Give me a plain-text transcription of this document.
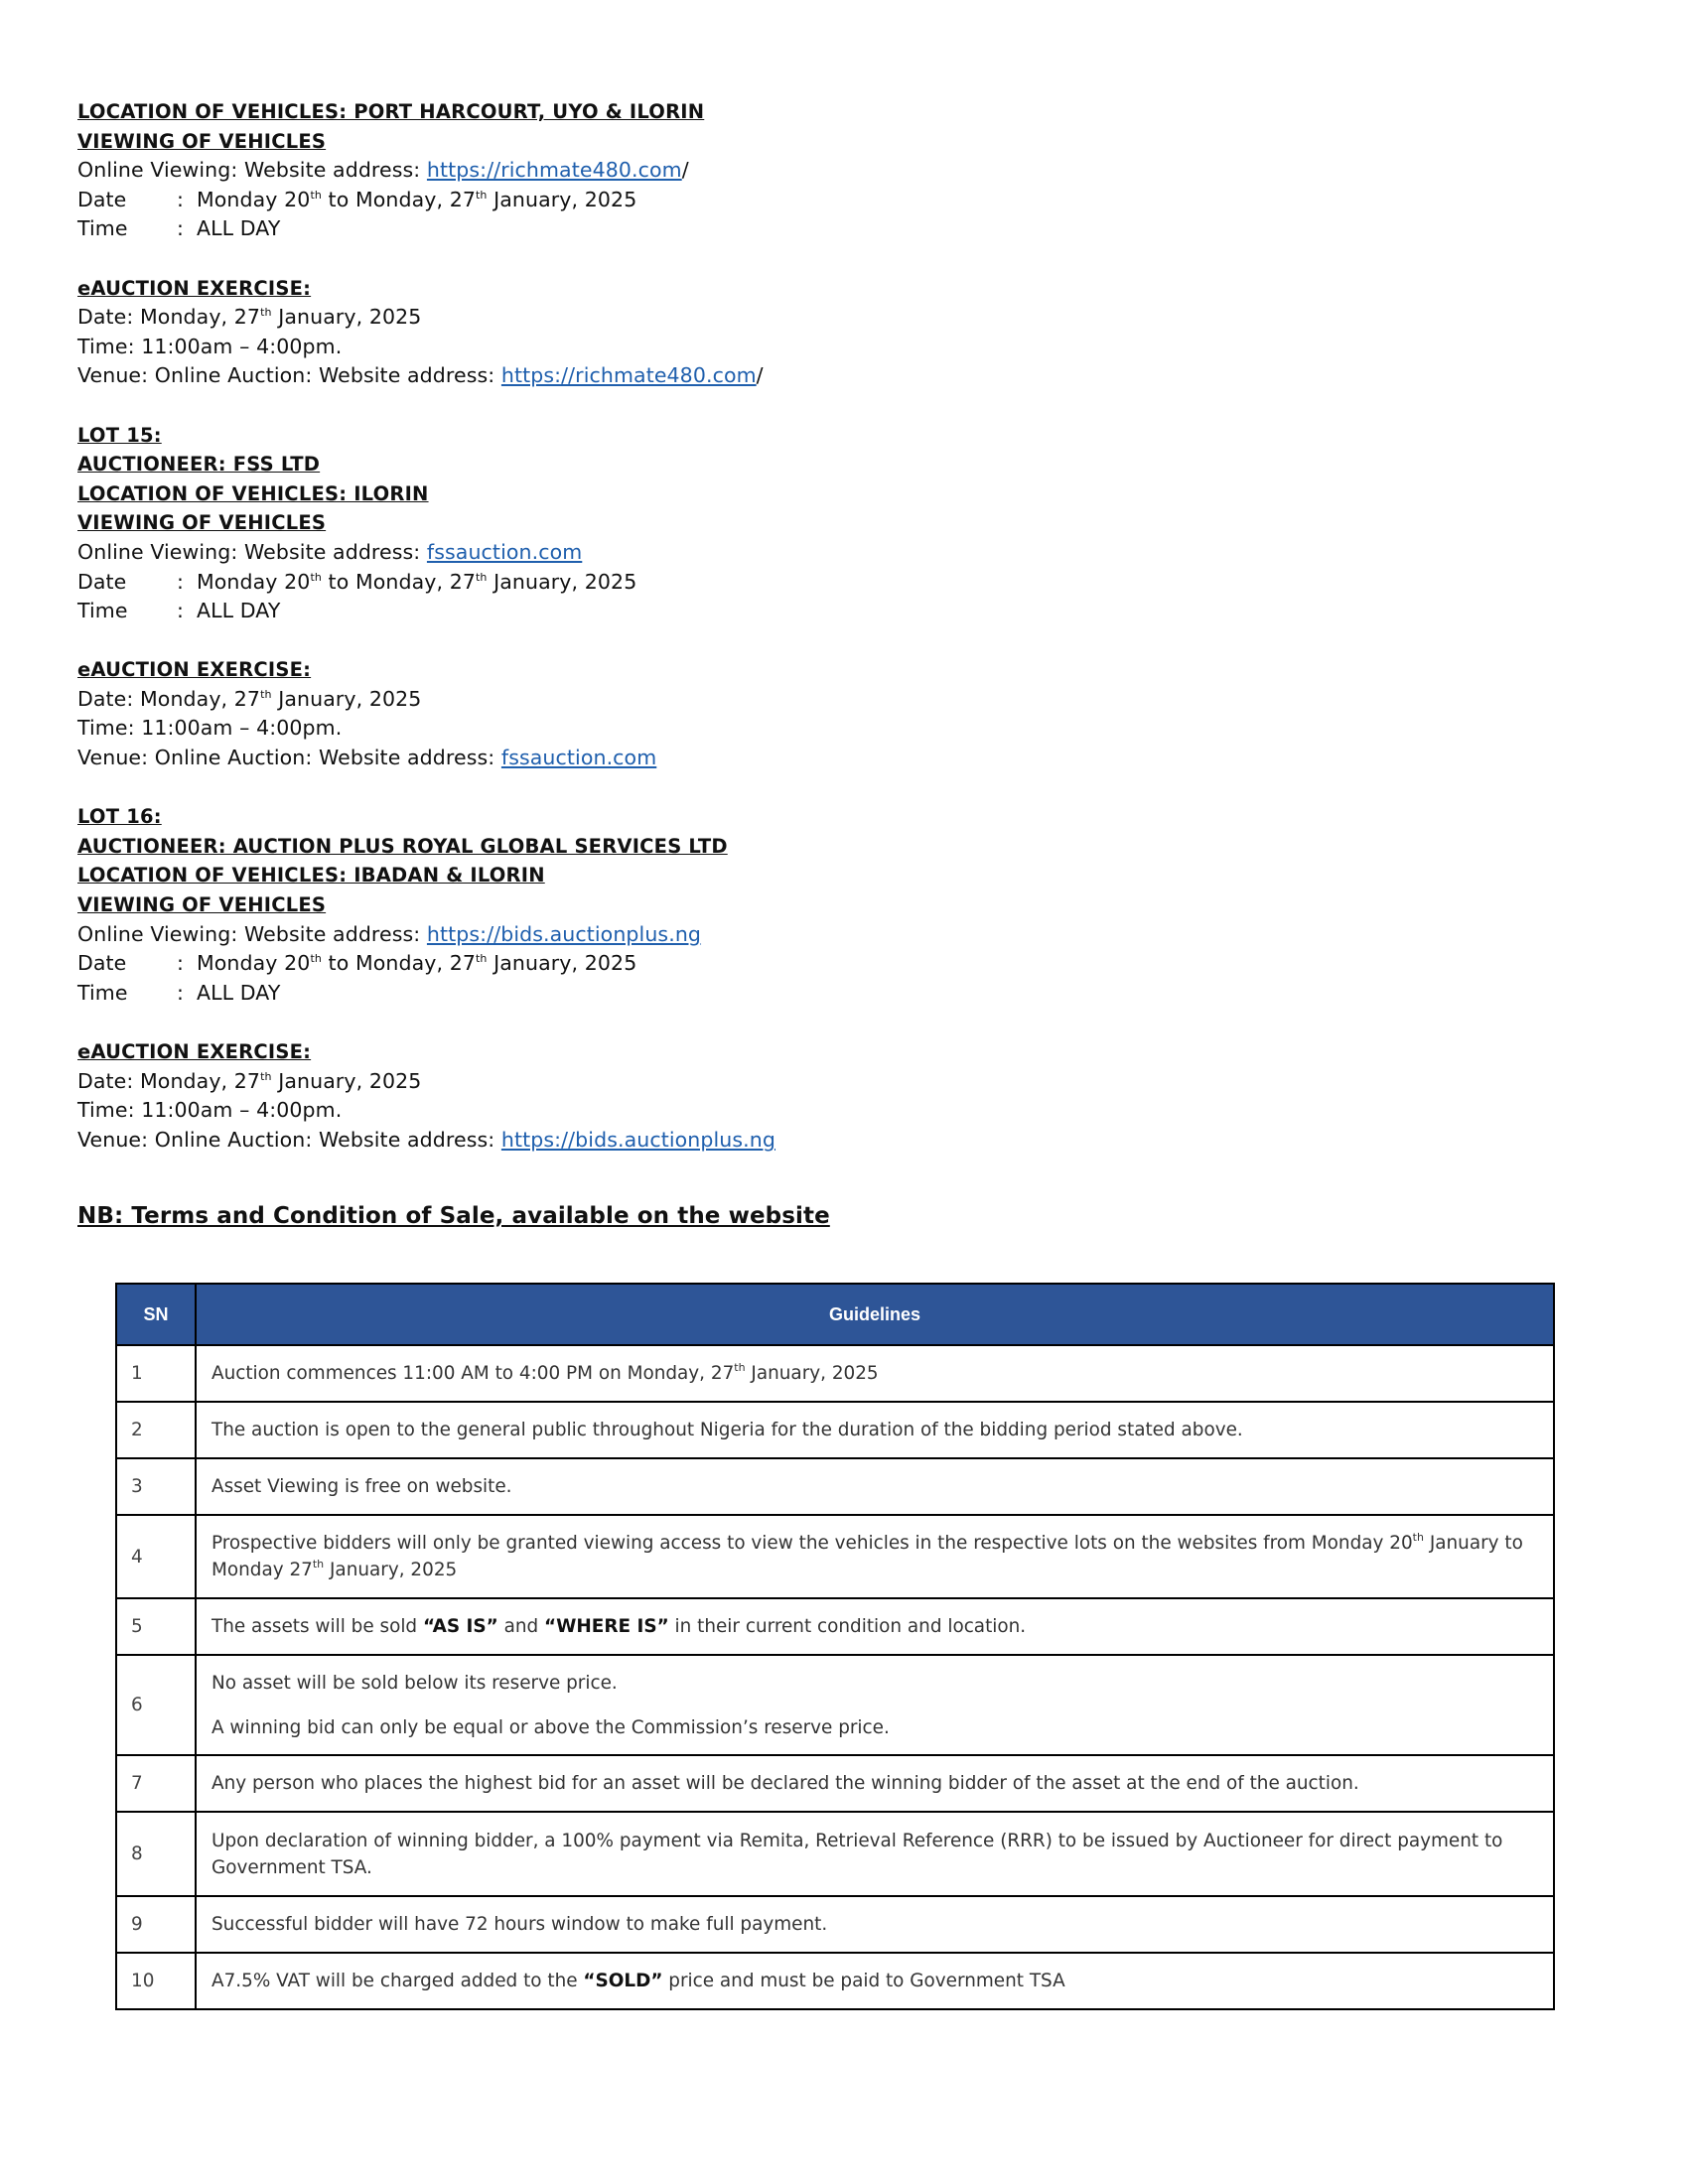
LOCATION OF VEHICLES: PORT HARCOURT, UYO & ILORIN
VIEWING OF VEHICLES
Online Viewing: Website address: https://richmate480.com/
Date : Monday 20th to Monday, 27th January, 2025
Time : ALL DAY
eAUCTION EXERCISE:
Date: Monday, 27th January, 2025
Time: 11:00am – 4:00pm.
Venue: Online Auction: Website address: https://richmate480.com/
LOT 15:
AUCTIONEER: FSS LTD
LOCATION OF VEHICLES: ILORIN
VIEWING OF VEHICLES
Online Viewing: Website address: fssauction.com
Date : Monday 20th to Monday, 27th January, 2025
Time : ALL DAY
eAUCTION EXERCISE:
Date: Monday, 27th January, 2025
Time: 11:00am – 4:00pm.
Venue: Online Auction: Website address: fssauction.com
LOT 16:
AUCTIONEER: AUCTION PLUS ROYAL GLOBAL SERVICES LTD
LOCATION OF VEHICLES: IBADAN & ILORIN
VIEWING OF VEHICLES
Online Viewing: Website address: https://bids.auctionplus.ng
Date : Monday 20th to Monday, 27th January, 2025
Time : ALL DAY
eAUCTION EXERCISE:
Date: Monday, 27th January, 2025
Time: 11:00am – 4:00pm.
Venue: Online Auction: Website address: https://bids.auctionplus.ng
NB: Terms and Condition of Sale, available on the website
SN	Guidelines
1	Auction commences 11:00 AM to 4:00 PM on Monday, 27th January, 2025
2	The auction is open to the general public throughout Nigeria for the duration of the bidding period stated above.
3	Asset Viewing is free on website.
4	Prospective bidders will only be granted viewing access to view the vehicles in the respective lots on the websites from Monday 20th January to Monday 27th January, 2025
5	The assets will be sold “AS IS” and “WHERE IS” in their current condition and location.
6	No asset will be sold below its reserve price.

A winning bid can only be equal or above the Commission’s reserve price.

7	Any person who places the highest bid for an asset will be declared the winning bidder of the asset at the end of the auction.
8	Upon declaration of winning bidder, a 100% payment via Remita, Retrieval Reference (RRR) to be issued by Auctioneer for direct payment to Government TSA.
9	Successful bidder will have 72 hours window to make full payment.
10	A7.5% VAT will be charged added to the “SOLD” price and must be paid to Government TSA
